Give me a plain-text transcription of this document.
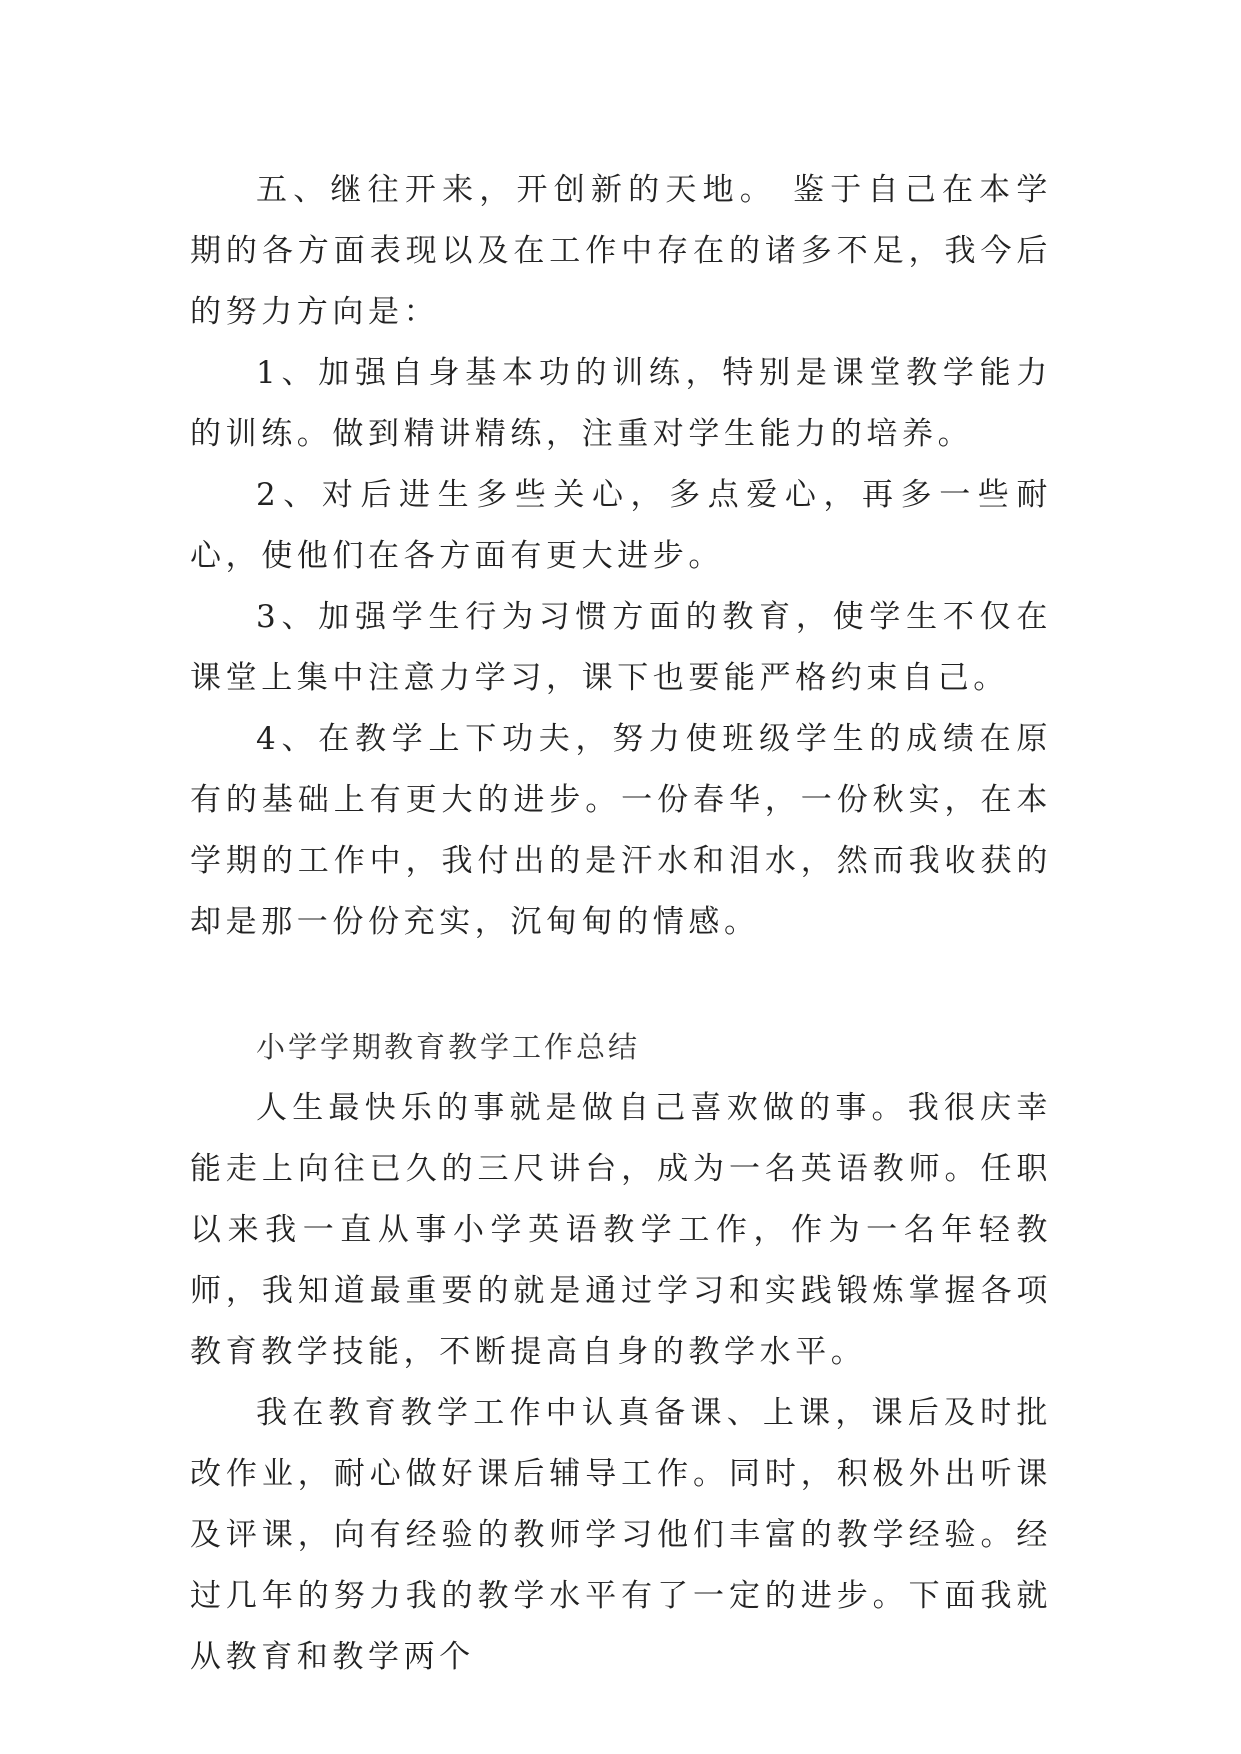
五、继往开来，开创新的天地。 鉴于自己在本学期的各方面表现以及在工作中存在的诸多不足，我今后的努力方向是：

1、加强自身基本功的训练，特别是课堂教学能力的训练。做到精讲精练，注重对学生能力的培养。

2、对后进生多些关心，多点爱心，再多一些耐心，使他们在各方面有更大进步。

3、加强学生行为习惯方面的教育，使学生不仅在课堂上集中注意力学习，课下也要能严格约束自己。

4、在教学上下功夫，努力使班级学生的成绩在原有的基础上有更大的进步。一份春华，一份秋实，在本学期的工作中，我付出的是汗水和泪水，然而我收获的却是那一份份充实，沉甸甸的情感。

小学学期教育教学工作总结

人生最快乐的事就是做自己喜欢做的事。我很庆幸能走上向往已久的三尺讲台，成为一名英语教师。任职以来我一直从事小学英语教学工作，作为一名年轻教师，我知道最重要的就是通过学习和实践锻炼掌握各项教育教学技能，不断提高自身的教学水平。

我在教育教学工作中认真备课、上课，课后及时批改作业，耐心做好课后辅导工作。同时，积极外出听课及评课，向有经验的教师学习他们丰富的教学经验。经过几年的努力我的教学水平有了一定的进步。下面我就从教育和教学两个
